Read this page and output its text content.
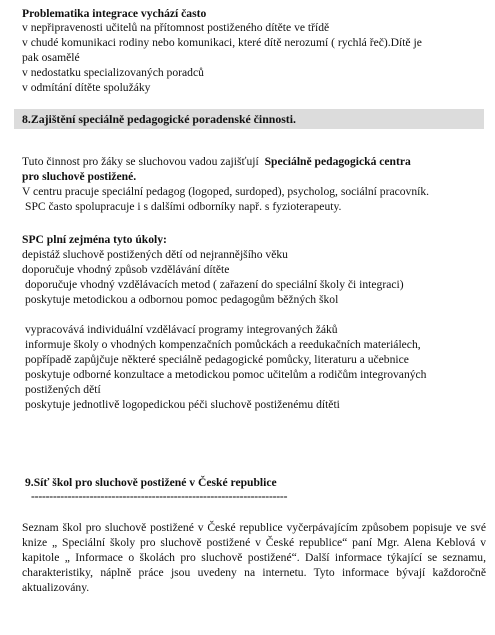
Problematika integrace vychází často
v nepřipravenosti učitelů na přítomnost postiženého dítěte ve třídě
v chudé komunikaci rodiny nebo komunikaci, které dítě nerozumí ( rychlá řeč).Dítě je
pak osamělé
v nedostatku specializovaných poradců
v odmítání dítěte spolužáky
8.Zajištění speciálně pedagogické poradenské činnosti.
Tuto činnost pro žáky se sluchovou vadou zajišťují Speciálně pedagogická centra
pro sluchově postižené.
V centru pracuje speciální pedagog (logoped, surdoped), psycholog, sociální pracovník.
SPC často spolupracuje i s dalšími odborníky např. s fyzioterapeuty.
SPC plní zejména tyto úkoly:
depistáž sluchově postižených dětí od nejrannějšího věku
doporučuje vhodný způsob vzdělávání dítěte
doporučuje vhodný vzdělávacích metod ( zařazení do speciální školy či integraci)
poskytuje metodickou a odbornou pomoc pedagogům běžných škol
vypracovává individuální vzdělávací programy integrovaných žáků
informuje školy o vhodných kompenzačních pomůckách a reedukačních materiálech,
popřípadě zapůjčuje některé speciálně pedagogické pomůcky, literaturu a učebnice
poskytuje odborné konzultace a metodickou pomoc učitelům a rodičům integrovaných
postižených dětí
poskytuje jednotlivě logopedickou péči sluchově postiženému dítěti
9.Síť škol pro sluchově postižené v České republice
----------------------------------------------------------------------
Seznam škol pro sluchově postižené v České republice vyčerpávajícím způsobem popisuje ve své knize „ Speciální školy pro sluchově postižené v České republice“ paní Mgr. Alena Keblová v kapitole „ Informace o školách pro sluchově postižené“. Další informace týkající se seznamu, charakteristiky, náplně práce jsou uvedeny na internetu. Tyto informace bývají každoročně aktualizovány.
